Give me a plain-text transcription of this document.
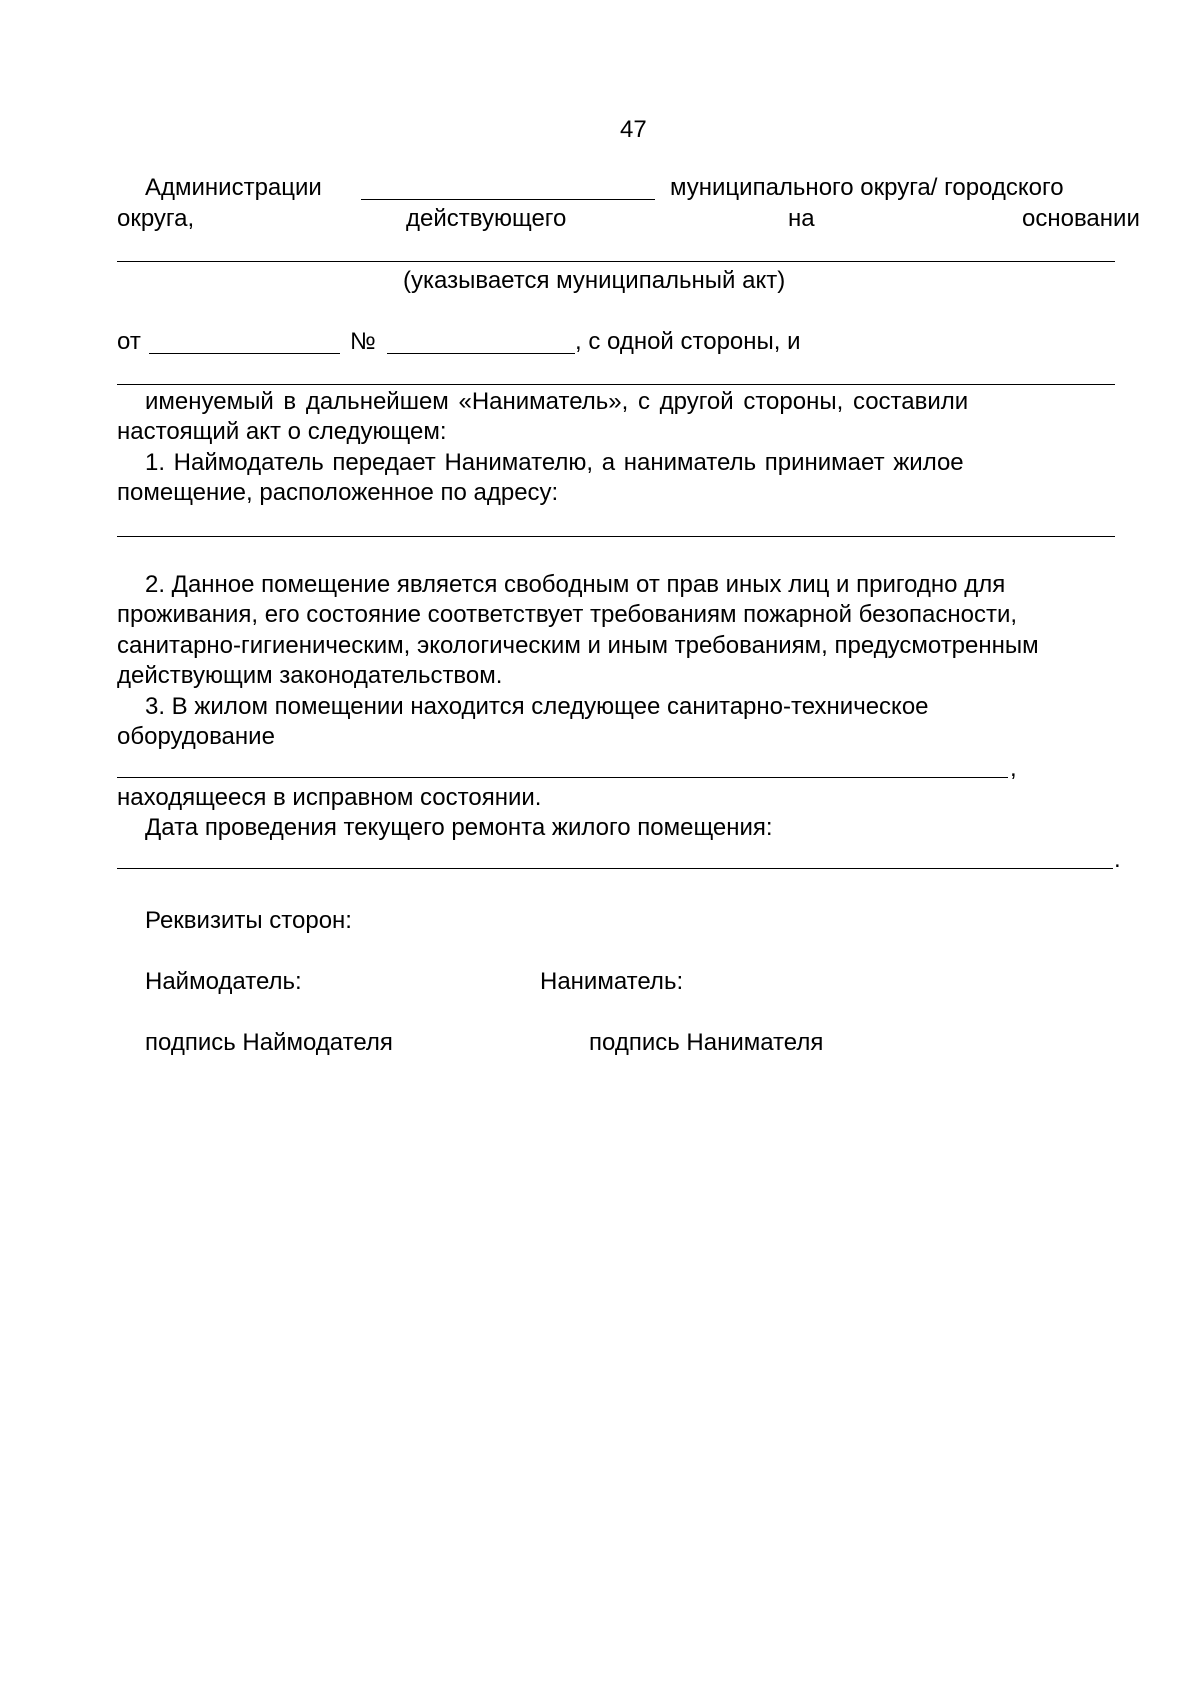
47
Администрации	муниципального округа/ городского
округа,	действующего	на	основании
(указывается муниципальный акт)
от	№	, с одной стороны, и
именуемый в дальнейшем «Наниматель», с другой стороны, составили
настоящий акт о следующем:
1. Наймодатель передает Нанимателю, а наниматель принимает жилое
помещение, расположенное по адресу:
2. Данное помещение является свободным от прав иных лиц и пригодно для
проживания, его состояние соответствует требованиям пожарной безопасности,
санитарно-гигиеническим, экологическим и иным требованиям, предусмотренным
действующим законодательством.
3. В жилом помещении находится следующее санитарно-техническое
оборудование
,
находящееся в исправном состоянии.
Дата проведения текущего ремонта жилого помещения:
.
Реквизиты сторон:
Наймодатель:	Наниматель:
подпись Наймодателя	подпись Нанимателя
